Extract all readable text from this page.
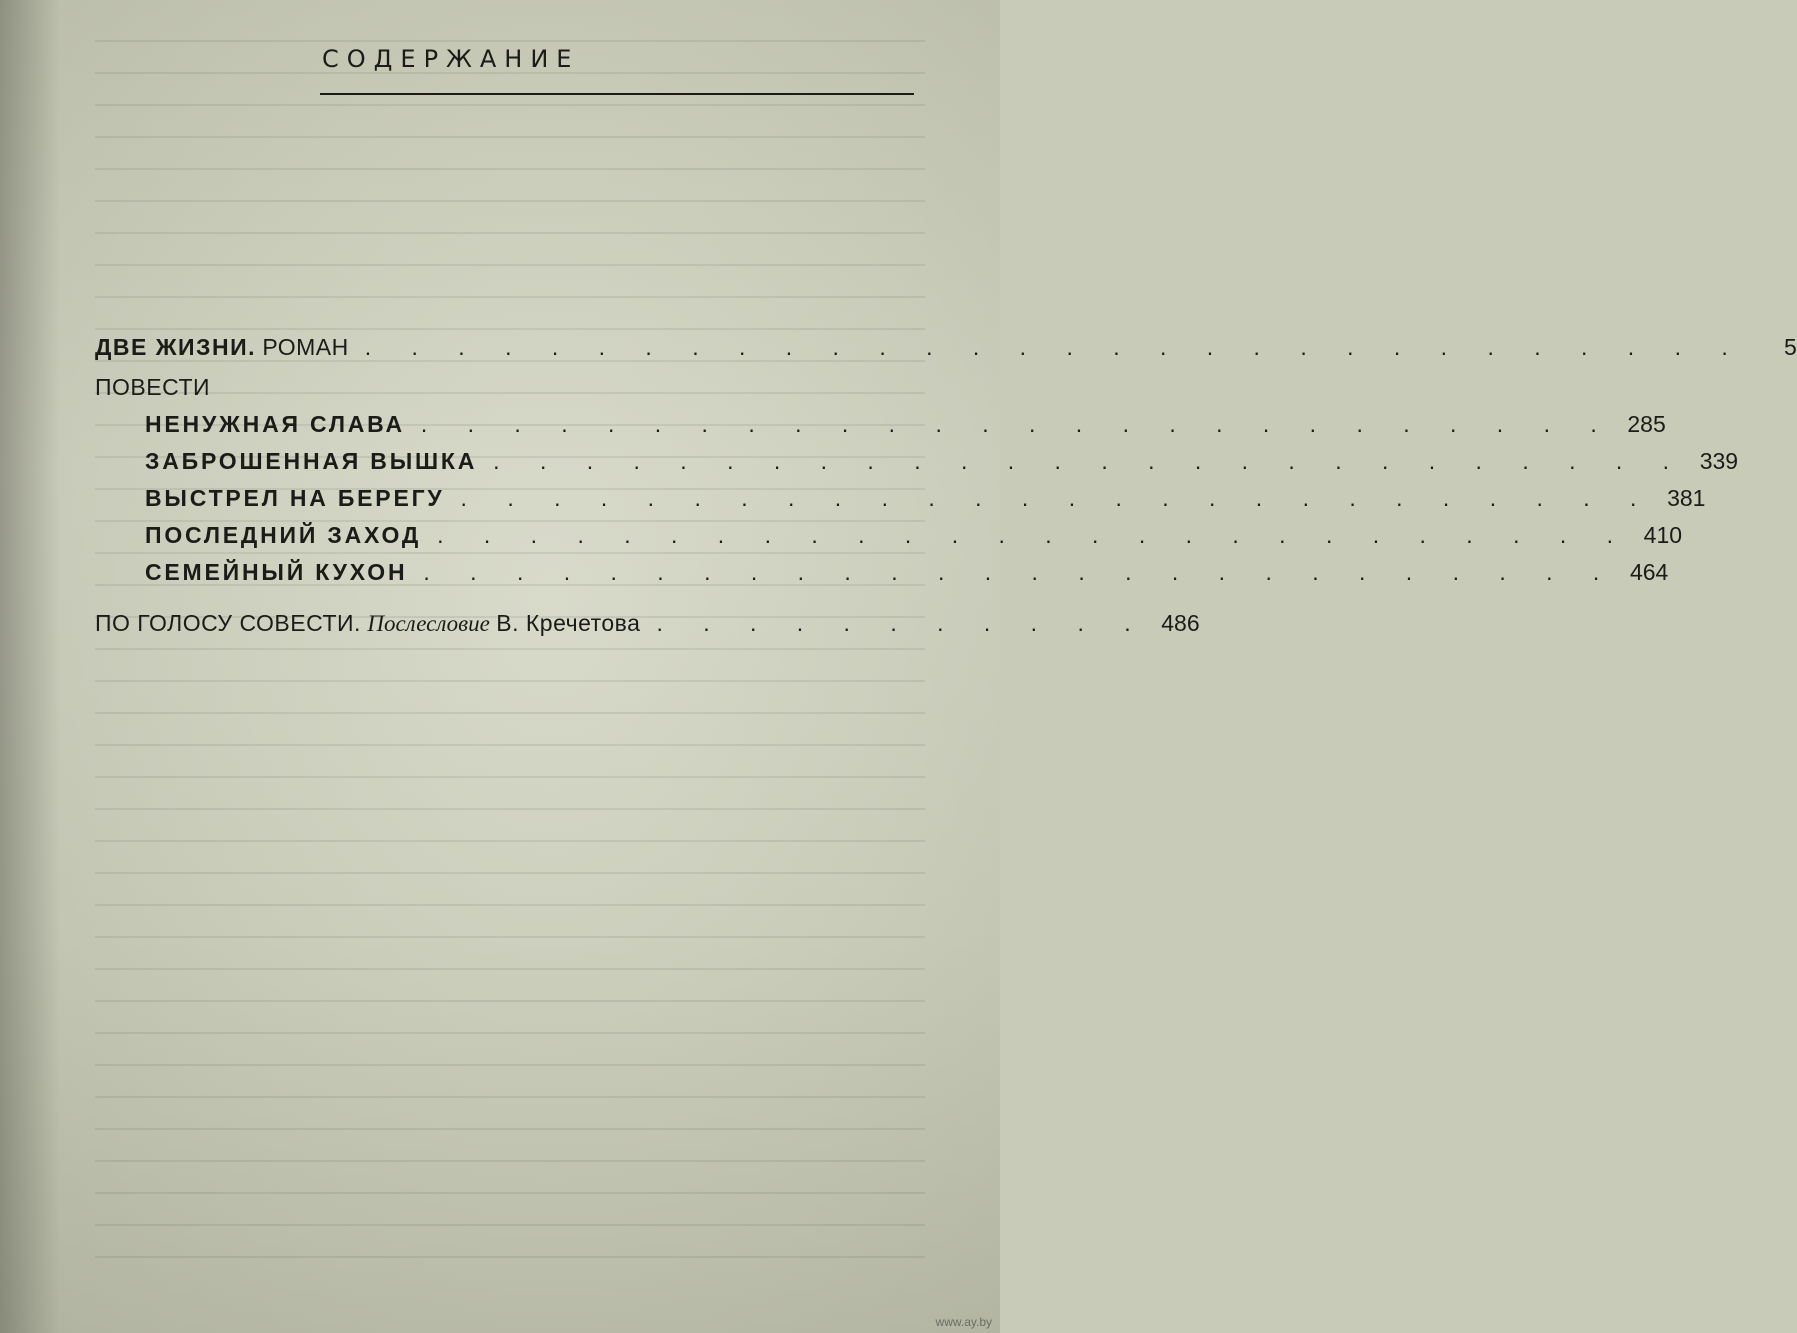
СОДЕРЖАНИЕ
ДВЕ ЖИЗНИ. РОМАН . . . . . . . . . . . . . . . . . . . . . . . . . . . . . .	5
ПОВЕСТИ
НЕНУЖНАЯ СЛАВА . . . . . . . . . . . . . . . . . . . . . . . . . . 285
ЗАБРОШЕННАЯ ВЫШКА . . . . . . . . . . . . . . . . . . . . . . . . . . 339
ВЫСТРЕЛ НА БЕРЕГУ . . . . . . . . . . . . . . . . . . . . . . . . . . 381
ПОСЛЕДНИЙ ЗАХОД . . . . . . . . . . . . . . . . . . . . . . . . . . 410
СЕМЕЙНЫЙ КУХОН . . . . . . . . . . . . . . . . . . . . . . . . . . 464
ПО ГОЛОСУ СОВЕСТИ. Послесловие В. Кречетова . . . . . . . . . . . 486
www.ay.by
